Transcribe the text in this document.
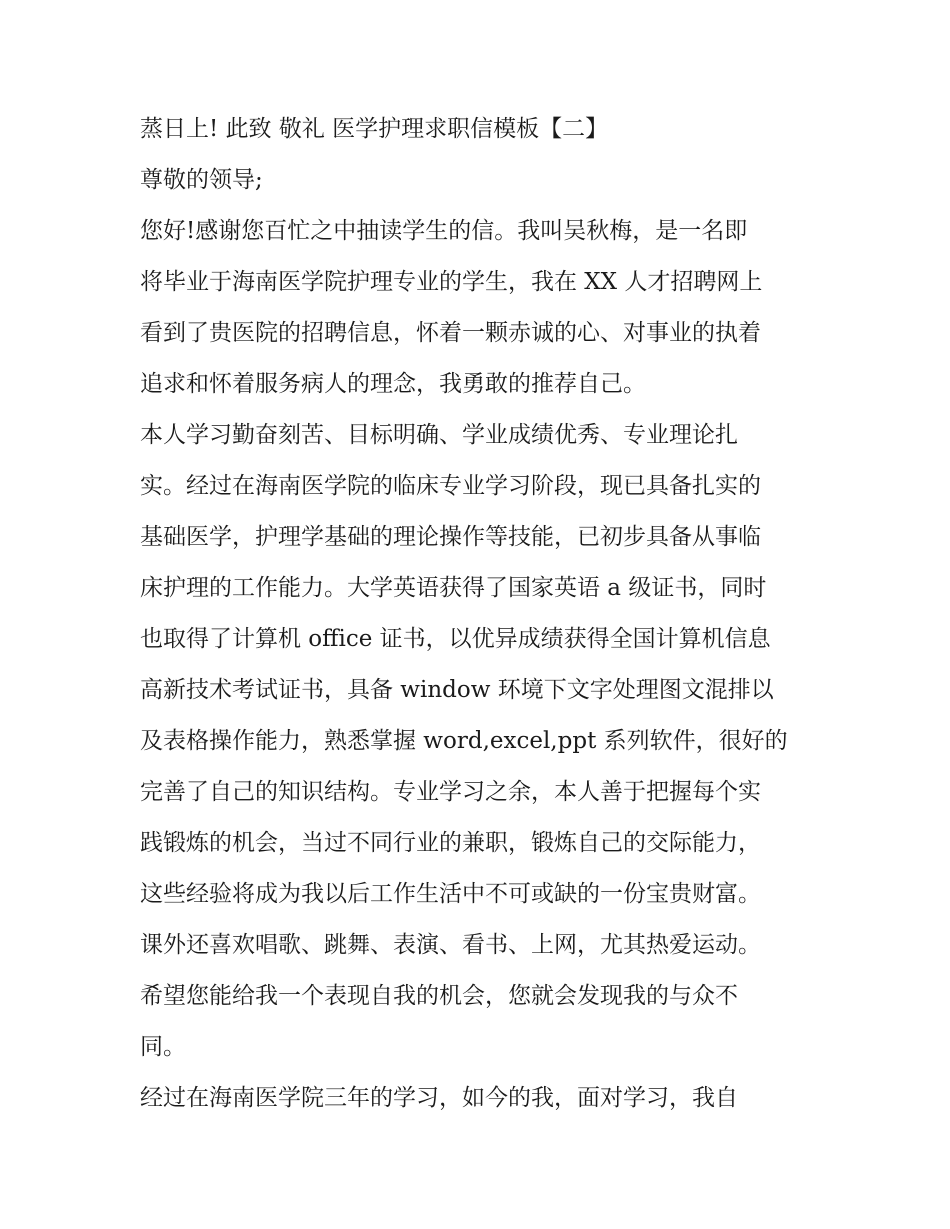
蒸日上! 此致 敬礼 医学护理求职信模板【二】
尊敬的领导;
您好!感谢您百忙之中抽读学生的信。我叫吴秋梅，是一名即
将毕业于海南医学院护理专业的学生，我在 XX 人才招聘网上
看到了贵医院的招聘信息，怀着一颗赤诚的心、对事业的执着
追求和怀着服务病人的理念，我勇敢的推荐自己。
本人学习勤奋刻苦、目标明确、学业成绩优秀、专业理论扎
实。经过在海南医学院的临床专业学习阶段，现已具备扎实的
基础医学，护理学基础的理论操作等技能，已初步具备从事临
床护理的工作能力。大学英语获得了国家英语 a 级证书，同时
也取得了计算机 office 证书，以优异成绩获得全国计算机信息
高新技术考试证书，具备 window 环境下文字处理图文混排以
及表格操作能力，熟悉掌握 word,excel,ppt 系列软件，很好的
完善了自己的知识结构。专业学习之余，本人善于把握每个实
践锻炼的机会，当过不同行业的兼职，锻炼自己的交际能力，
这些经验将成为我以后工作生活中不可或缺的一份宝贵财富。
课外还喜欢唱歌、跳舞、表演、看书、上网，尤其热爱运动。
希望您能给我一个表现自我的机会，您就会发现我的与众不
同。
经过在海南医学院三年的学习，如今的我，面对学习，我自
